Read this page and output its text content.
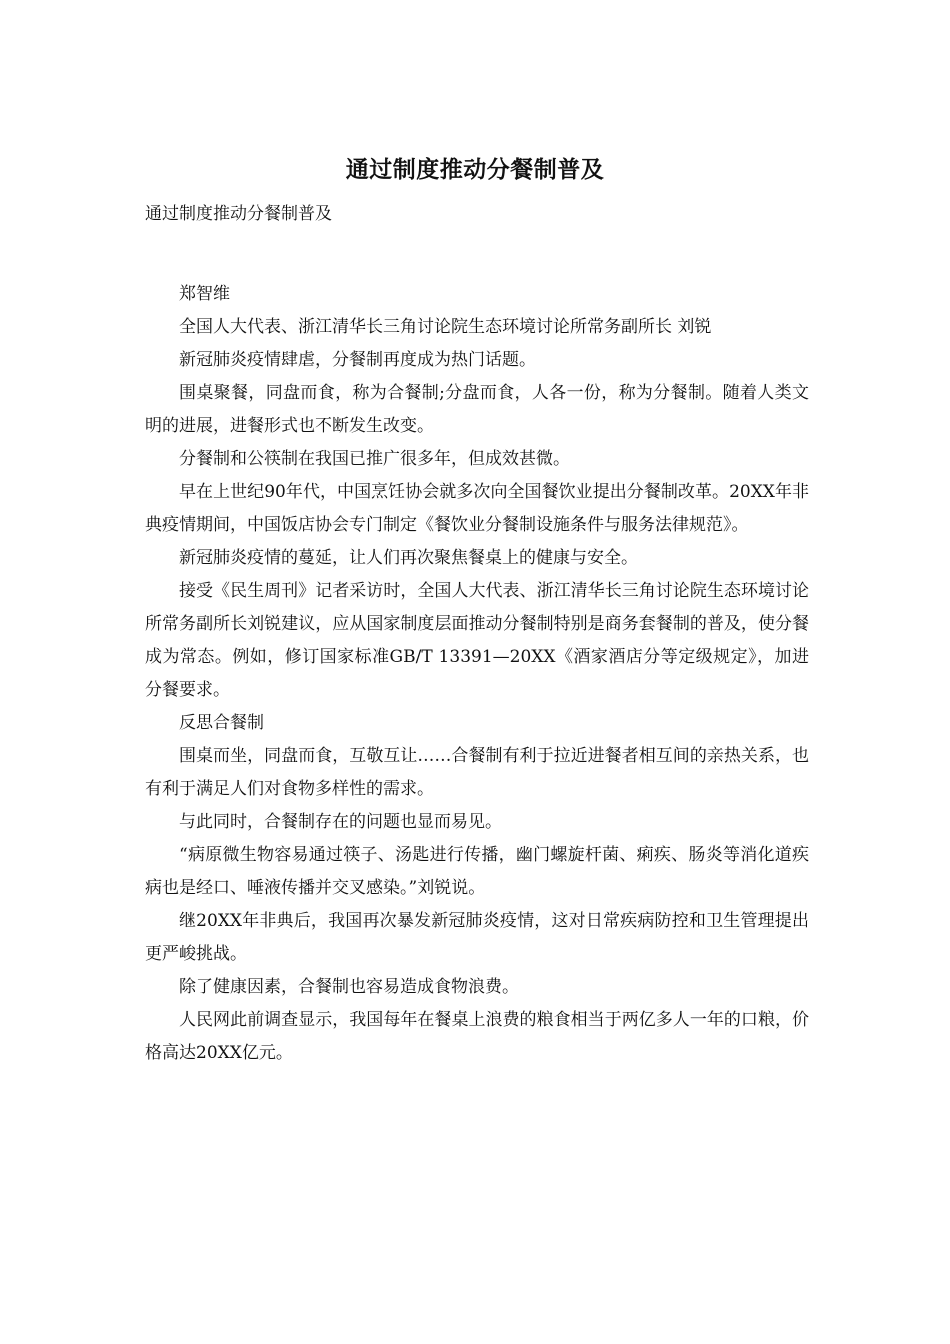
通过制度推动分餐制普及

通过制度推动分餐制普及

郑智维

全国人大代表、浙江清华长三角讨论院生态环境讨论所常务副所长 刘锐

新冠肺炎疫情肆虐，分餐制再度成为热门话题。

围桌聚餐，同盘而食，称为合餐制;分盘而食，人各一份，称为分餐制。随着人类文明的进展，进餐形式也不断发生改变。

分餐制和公筷制在我国已推广很多年，但成效甚微。

早在上世纪90年代，中国烹饪协会就多次向全国餐饮业提出分餐制改革。20XX年非典疫情期间，中国饭店协会专门制定《餐饮业分餐制设施条件与服务法律规范》。

新冠肺炎疫情的蔓延，让人们再次聚焦餐桌上的健康与安全。

接受《民生周刊》记者采访时，全国人大代表、浙江清华长三角讨论院生态环境讨论所常务副所长刘锐建议，应从国家制度层面推动分餐制特别是商务套餐制的普及，使分餐成为常态。例如，修订国家标准GB/T 13391—20XX《酒家酒店分等定级规定》，加进分餐要求。

反思合餐制

围桌而坐，同盘而食，互敬互让……合餐制有利于拉近进餐者相互间的亲热关系，也有利于满足人们对食物多样性的需求。

与此同时，合餐制存在的问题也显而易见。

“病原微生物容易通过筷子、汤匙进行传播，幽门螺旋杆菌、痢疾、肠炎等消化道疾病也是经口、唾液传播并交叉感染。”刘锐说。

继20XX年非典后，我国再次暴发新冠肺炎疫情，这对日常疾病防控和卫生管理提出更严峻挑战。

除了健康因素，合餐制也容易造成食物浪费。

人民网此前调查显示，我国每年在餐桌上浪费的粮食相当于两亿多人一年的口粮，价格高达20XX亿元。
